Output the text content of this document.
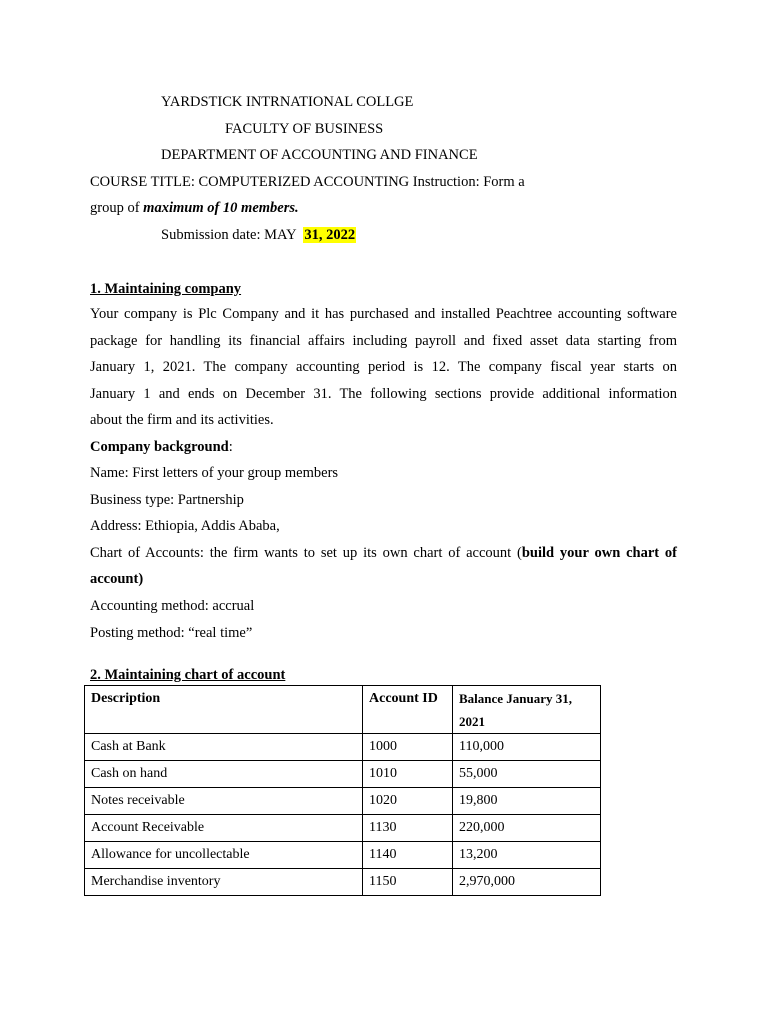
YARDSTICK INTRNATIONAL COLLGE
FACULTY OF BUSINESS
DEPARTMENT OF ACCOUNTING AND FINANCE
COURSE TITLE: COMPUTERIZED ACCOUNTING Instruction: Form a
group of maximum of 10 members.
Submission date: MAY  31, 2022
1. Maintaining company
Your company is Plc Company and it has purchased and installed Peachtree accounting software
package for handling its financial affairs including payroll and fixed asset data starting from
January 1, 2021. The company accounting period is 12. The company fiscal year starts on
January 1 and ends on December 31. The following sections provide additional information
about the firm and its activities.
Company background:
Name: First letters of your group members
Business type: Partnership
Address: Ethiopia, Addis Ababa,
Chart of Accounts: the firm wants to set up its own chart of account (build your own chart of
account)
Accounting method: accrual
Posting method: “real time”
2. Maintaining chart of account
Description	Account ID	Balance January 31, 2021
Cash at Bank	1000	110,000
Cash on hand	1010	55,000
Notes receivable	1020	19,800
Account Receivable	1130	220,000
Allowance for uncollectable	1140	13,200
Merchandise inventory	1150	2,970,000
